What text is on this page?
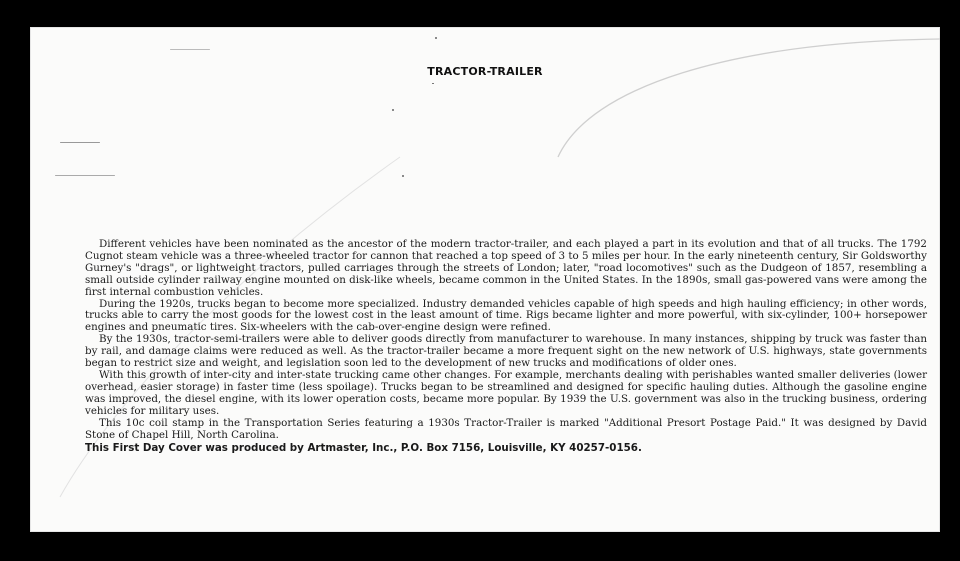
TRACTOR-TRAILER

Different vehicles have been nominated as the ancestor of the modern tractor-trailer, and each played a part in its evolution and that of all trucks. The 1792 Cugnot steam vehicle was a three-wheeled tractor for cannon that reached a top speed of 3 to 5 miles per hour. In the early nineteenth century, Sir Goldsworthy Gurney's "drags", or lightweight tractors, pulled carriages through the streets of London; later, "road locomotives" such as the Dudgeon of 1857, resembling a small outside cylinder railway engine mounted on disk-like wheels, became common in the United States. In the 1890s, small gas-powered vans were among the first internal combustion vehicles.

During the 1920s, trucks began to become more specialized. Industry demanded vehicles capable of high speeds and high hauling efficiency; in other words, trucks able to carry the most goods for the lowest cost in the least amount of time. Rigs became lighter and more powerful, with six-cylinder, 100+ horsepower engines and pneumatic tires. Six-wheelers with the cab-over-engine design were refined.

By the 1930s, tractor-semi-trailers were able to deliver goods directly from manufacturer to warehouse. In many instances, shipping by truck was faster than by rail, and damage claims were reduced as well. As the tractor-trailer became a more frequent sight on the new network of U.S. highways, state governments began to restrict size and weight, and legislation soon led to the development of new trucks and modifications of older ones.

With this growth of inter-city and inter-state trucking came other changes. For example, merchants dealing with perishables wanted smaller deliveries (lower overhead, easier storage) in faster time (less spoilage). Trucks began to be streamlined and designed for specific hauling duties. Although the gasoline engine was improved, the diesel engine, with its lower operation costs, became more popular. By 1939 the U.S. government was also in the trucking business, ordering vehicles for military uses.

This 10c coil stamp in the Transportation Series featuring a 1930s Tractor-Trailer is marked "Additional Presort Postage Paid." It was designed by David Stone of Chapel Hill, North Carolina.

This First Day Cover was produced by Artmaster, Inc., P.O. Box 7156, Louisville, KY 40257-0156.
